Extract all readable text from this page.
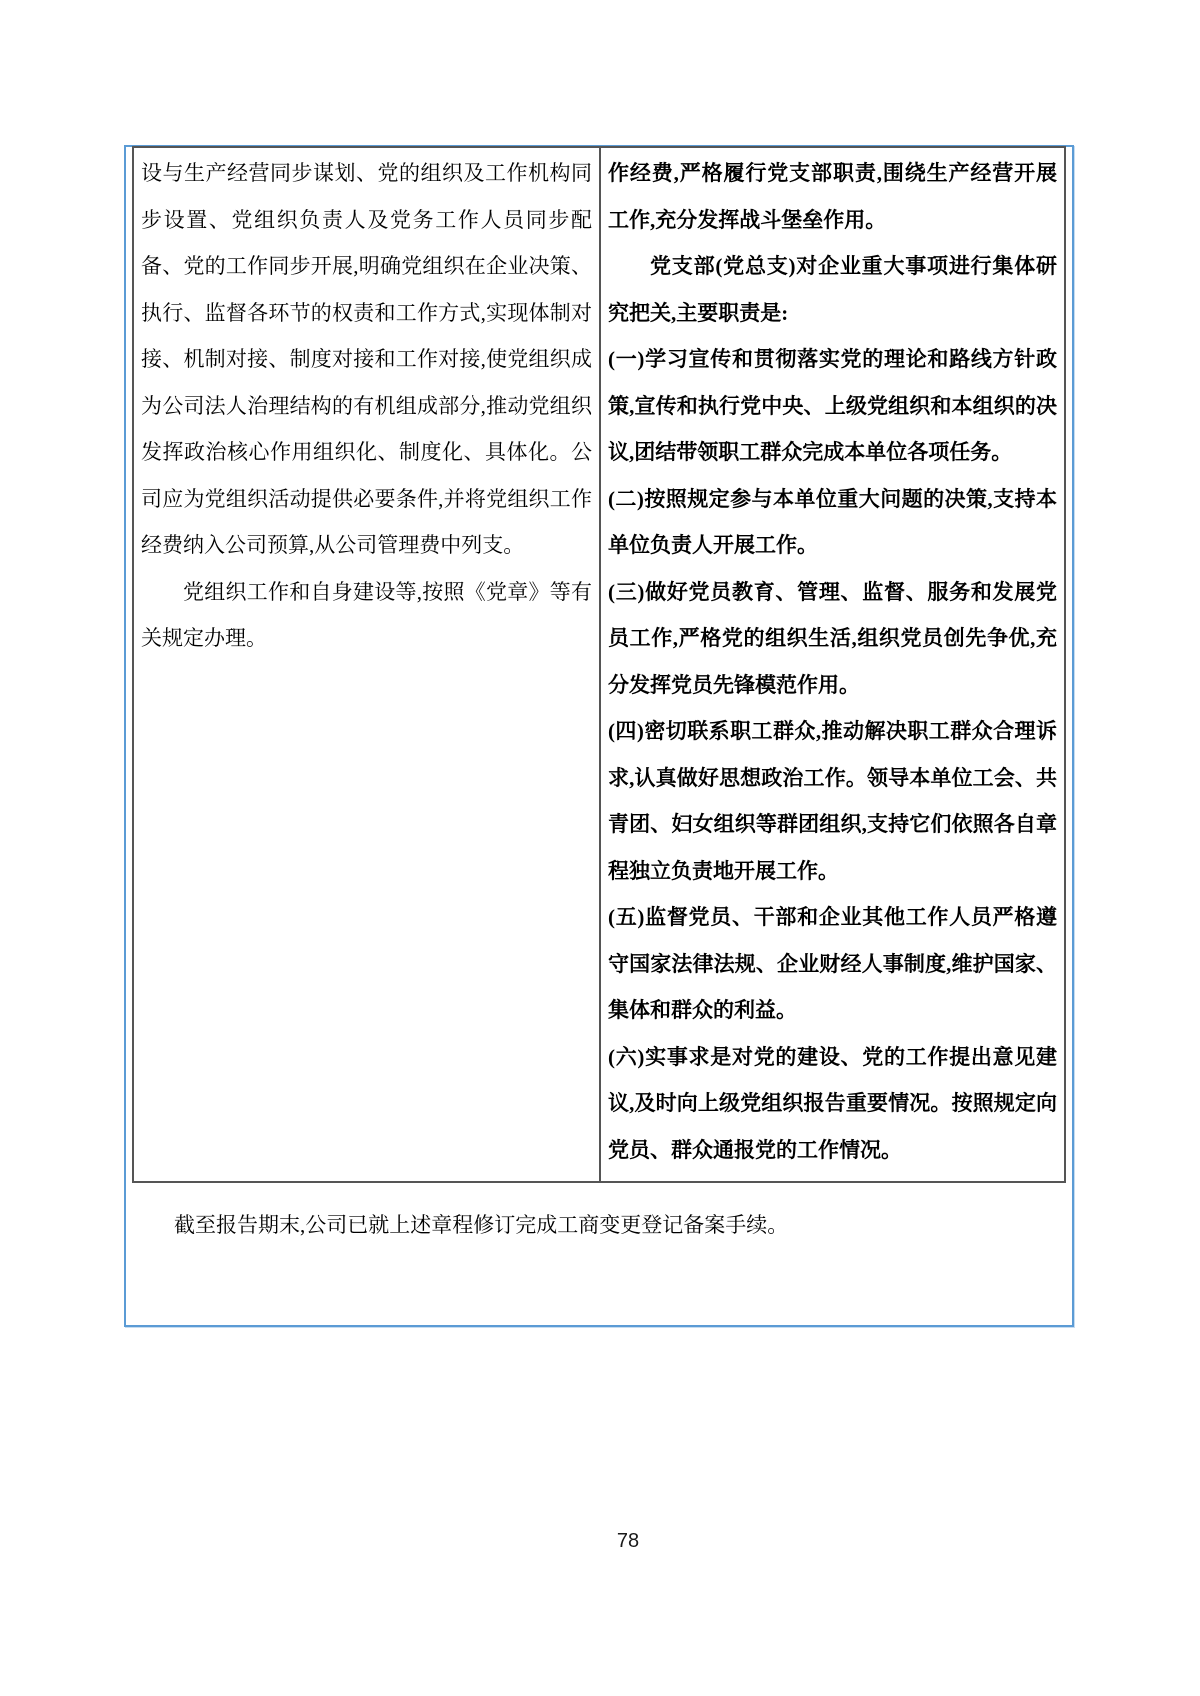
设与生产经营同步谋划、党的组织及工作机构同步设置、党组织负责人及党务工作人员同步配备、党的工作同步开展,明确党组织在企业决策、执行、监督各环节的权责和工作方式,实现体制对接、机制对接、制度对接和工作对接,使党组织成为公司法人治理结构的有机组成部分,推动党组织发挥政治核心作用组织化、制度化、具体化。公司应为党组织活动提供必要条件,并将党组织工作经费纳入公司预算,从公司管理费中列支。

党组织工作和自身建设等,按照《党章》等有关规定办理。

作经费,严格履行党支部职责,围绕生产经营开展工作,充分发挥战斗堡垒作用。

党支部(党总支)对企业重大事项进行集体研究把关,主要职责是:

(一)学习宣传和贯彻落实党的理论和路线方针政策,宣传和执行党中央、上级党组织和本组织的决议,团结带领职工群众完成本单位各项任务。

(二)按照规定参与本单位重大问题的决策,支持本单位负责人开展工作。

(三)做好党员教育、管理、监督、服务和发展党员工作,严格党的组织生活,组织党员创先争优,充分发挥党员先锋模范作用。

(四)密切联系职工群众,推动解决职工群众合理诉求,认真做好思想政治工作。领导本单位工会、共青团、妇女组织等群团组织,支持它们依照各自章程独立负责地开展工作。

(五)监督党员、干部和企业其他工作人员严格遵守国家法律法规、企业财经人事制度,维护国家、集体和群众的利益。

(六)实事求是对党的建设、党的工作提出意见建议,及时向上级党组织报告重要情况。按照规定向党员、群众通报党的工作情况。

截至报告期末,公司已就上述章程修订完成工商变更登记备案手续。

78
